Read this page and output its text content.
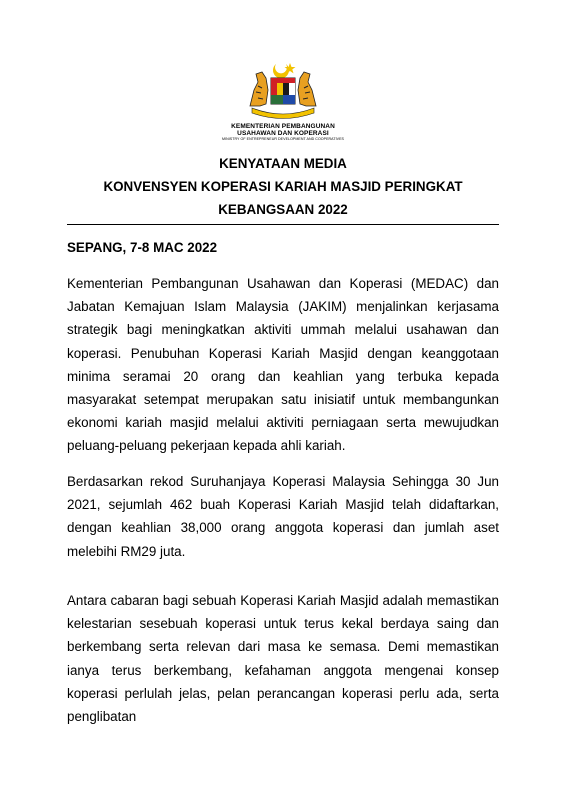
KEMENTERIAN PEMBANGUNAN
USAHAWAN DAN KOPERASI
MINISTRY OF ENTREPRENEUR DEVELOPMENT AND COOPERATIVES
KENYATAAN MEDIA
KONVENSYEN KOPERASI KARIAH MASJID PERINGKAT
KEBANGSAAN 2022
SEPANG, 7-8 MAC 2022

Kementerian Pembangunan Usahawan dan Koperasi (MEDAC) dan Jabatan Kemajuan Islam Malaysia (JAKIM) menjalinkan kerjasama strategik bagi meningkatkan aktiviti ummah melalui usahawan dan koperasi. Penubuhan Koperasi Kariah Masjid dengan keanggotaan minima seramai 20 orang dan keahlian yang terbuka kepada masyarakat setempat merupakan satu inisiatif untuk membangunkan ekonomi kariah masjid melalui aktiviti perniagaan serta mewujudkan peluang-peluang pekerjaan kepada ahli kariah.

Berdasarkan rekod Suruhanjaya Koperasi Malaysia Sehingga 30 Jun 2021, sejumlah 462 buah Koperasi Kariah Masjid telah didaftarkan, dengan keahlian 38,000 orang anggota koperasi dan jumlah aset melebihi RM29 juta.

Antara cabaran bagi sebuah Koperasi Kariah Masjid adalah memastikan kelestarian sesebuah koperasi untuk terus kekal berdaya saing dan berkembang serta relevan dari masa ke semasa. Demi memastikan ianya terus berkembang, kefahaman anggota mengenai konsep koperasi perlulah jelas, pelan perancangan koperasi perlu ada, serta penglibatan
